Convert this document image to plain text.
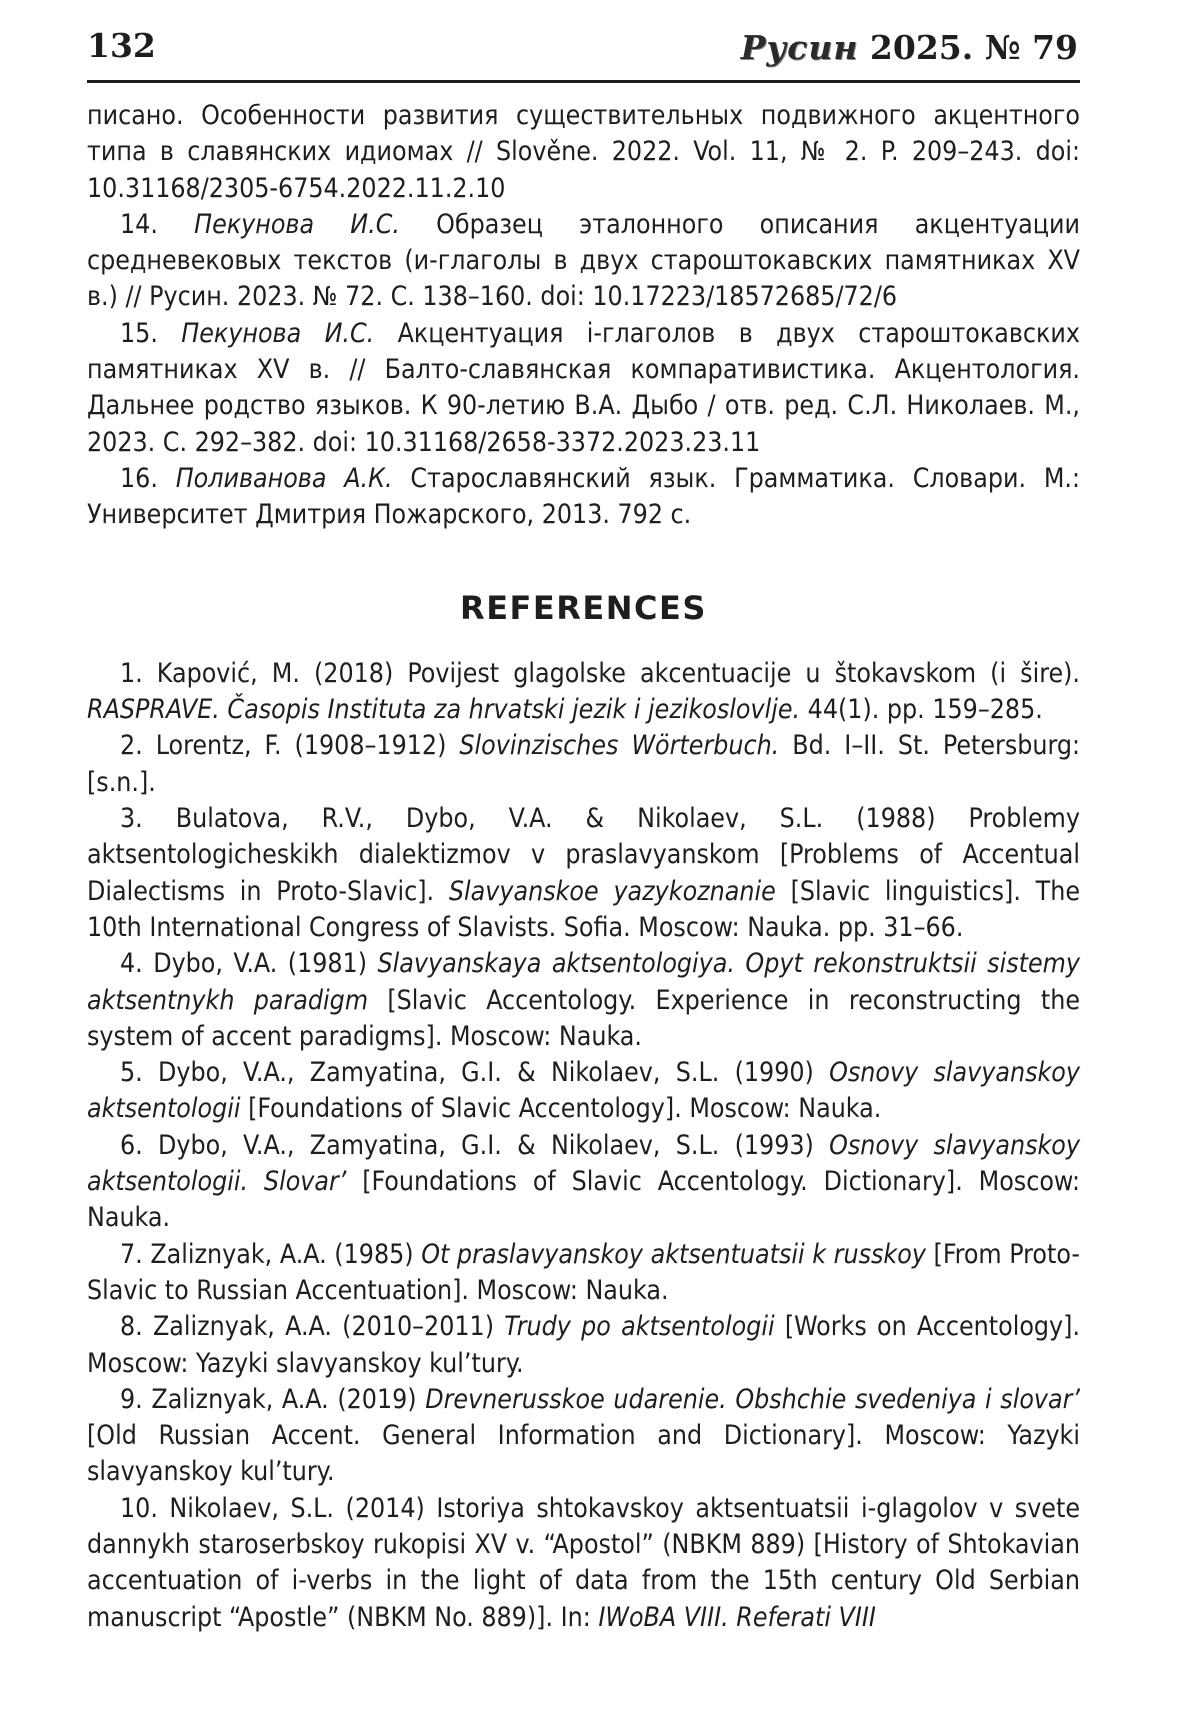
132	Русин 2025. № 79

писано. Особенности развития существительных подвижного акцентного типа в славянских идиомах // Slověne. 2022. Vol. 11, № 2. P. 209–243. doi: 10.31168/2305-6754.2022.11.2.10

14. Пекунова И.С. Образец эталонного описания акцентуации средневековых текстов (и-глаголы в двух староштокавских памятниках XV в.) // Русин. 2023. № 72. С. 138–160. doi: 10.17223/18572685/72/6

15. Пекунова И.С. Акцентуация i-глаголов в двух староштокавских памятниках XV в. // Балто-славянская компаративистика. Акцентология. Дальнее родство языков. К 90-летию В.А. Дыбо / отв. ред. С.Л. Николаев. М., 2023. С. 292–382. doi: 10.31168/2658-3372.2023.23.11

16. Поливанова А.К. Старославянский язык. Грамматика. Словари. М.: Университет Дмитрия Пожарского, 2013. 792 с.

REFERENCES

1. Kapović, M. (2018) Povijest glagolske akcentuacije u štokavskom (i šire). RASPRAVE. Časopis Instituta za hrvatski jezik i jezikoslovlje. 44(1). pp. 159–285.

2. Lorentz, F. (1908–1912) Slovinzisches Wörterbuch. Bd. I–II. St. Petersburg: [s.n.].

3. Bulatova, R.V., Dybo, V.A. & Nikolaev, S.L. (1988) Problemy aktsentologicheskikh dialektizmov v praslavyanskom [Problems of Accentual Dialectisms in Proto-Slavic]. Slavyanskoe yazykoznanie [Slavic linguistics]. The 10th International Congress of Slavists. Sofia. Moscow: Nauka. pp. 31–66.

4. Dybo, V.A. (1981) Slavyanskaya aktsentologiya. Opyt rekonstruktsii sistemy aktsentnykh paradigm [Slavic Accentology. Experience in reconstructing the system of accent paradigms]. Moscow: Nauka.

5. Dybo, V.A., Zamyatina, G.I. & Nikolaev, S.L. (1990) Osnovy slavyanskoy aktsentologii [Foundations of Slavic Accentology]. Moscow: Nauka.

6. Dybo, V.A., Zamyatina, G.I. & Nikolaev, S.L. (1993) Osnovy slavyanskoy aktsentologii. Slovar’ [Foundations of Slavic Accentology. Dictionary]. Moscow: Nauka.

7. Zaliznyak, A.A. (1985) Ot praslavyanskoy aktsentuatsii k russkoy [From Proto-Slavic to Russian Accentuation]. Moscow: Nauka.

8. Zaliznyak, A.A. (2010–2011) Trudy po aktsentologii [Works on Accentology]. Moscow: Yazyki slavyanskoy kul’tury.

9. Zaliznyak, A.A. (2019) Drevnerusskoe udarenie. Obshchie svedeniya i slovar’ [Old Russian Accent. General Information and Dictionary]. Moscow: Yazyki slavyanskoy kul’tury.

10. Nikolaev, S.L. (2014) Istoriya shtokavskoy aktsentuatsii i-glagolov v svete dannykh staroserbskoy rukopisi XV v. “Apostol” (NBKM 889) [History of Shtokavian accentuation of i-verbs in the light of data from the 15th century Old Serbian manuscript “Apostle” (NBKM No. 889)]. In: IWoBA VIII. Referati VIII
